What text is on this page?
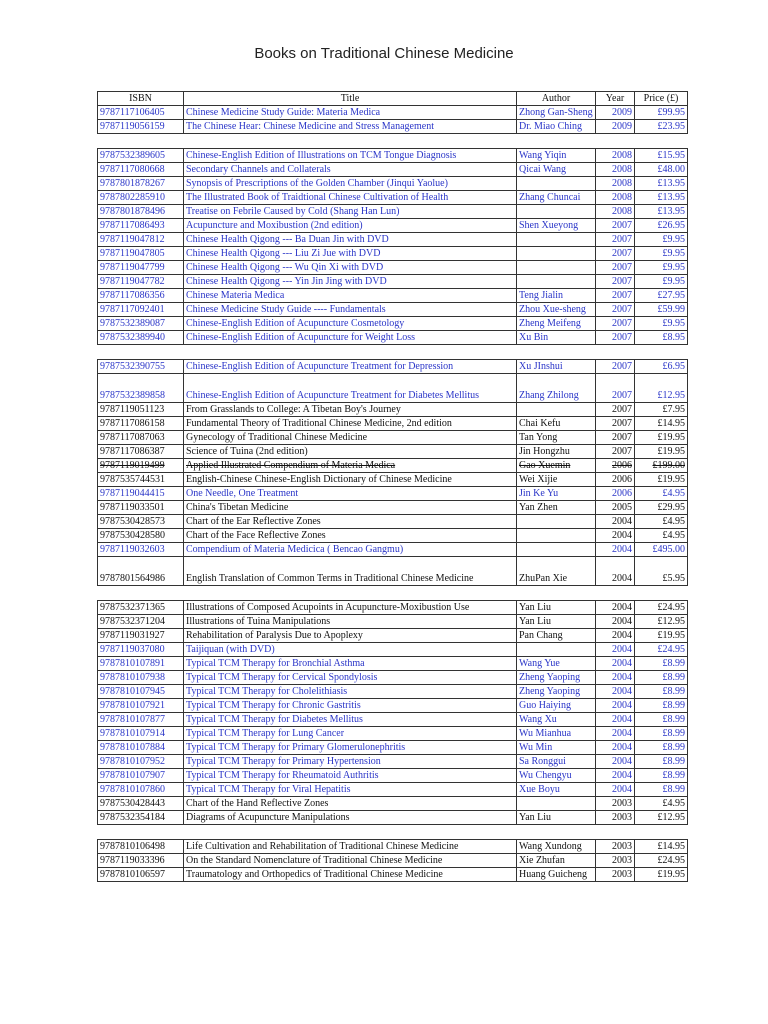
Books on Traditional Chinese Medicine
ISBN	Title	Author	Year	Price (£)
9787117106405	Chinese Medicine Study Guide: Materia Medica	Zhong Gan-Sheng	2009	£99.95
9787119056159	The Chinese Hear: Chinese Medicine and Stress Management	Dr. Miao Ching	2009	£23.95

9787532389605	Chinese-English Edition of Illustrations on TCM Tongue Diagnosis	Wang Yiqin	2008	£15.95
9787117080668	Secondary Channels and Collaterals	Qicai Wang	2008	£48.00
9787801878267	Synopsis of Prescriptions of the Golden Chamber (Jinqui Yaolue)		2008	£13.95
9787802285910	The Illustrated Book of Traidtional Chinese Cultivation of Health	Zhang Chuncai	2008	£13.95
9787801878496	Treatise on Febrile Caused by Cold (Shang Han Lun)		2008	£13.95
9787117086493	Acupuncture and Moxibustion (2nd edition)	Shen Xueyong	2007	£26.95
9787119047812	Chinese Health Qigong --- Ba Duan Jin with DVD		2007	£9.95
9787119047805	Chinese Health Qigong --- Liu Zi Jue with DVD		2007	£9.95
9787119047799	Chinese Health Qigong --- Wu Qin Xi with DVD		2007	£9.95
9787119047782	Chinese Health Qigong --- Yin Jin Jing with DVD		2007	£9.95
9787117086356	Chinese Materia Medica	Teng Jialin	2007	£27.95
9787117092401	Chinese Medicine Study Guide ---- Fundamentals	Zhou Xue-sheng	2007	£59.99
9787532389087	Chinese-English Edition of Acupuncture Cosmetology	Zheng Meifeng	2007	£9.95
9787532389940	Chinese-English Edition of Acupuncture for Weight Loss	Xu Bin	2007	£8.95

9787532390755	Chinese-English Edition of Acupuncture Treatment for Depression	Xu JInshui	2007	£6.95
9787532389858	Chinese-English Edition of Acupuncture Treatment for Diabetes Mellitus	Zhang Zhilong	2007	£12.95
9787119051123	From Grasslands to College: A Tibetan Boy's Journey		2007	£7.95
9787117086158	Fundamental Theory of Traditional Chinese Medicine, 2nd edition	Chai Kefu	2007	£14.95
9787117087063	Gynecology of Traditional Chinese Medicine	Tan Yong	2007	£19.95
9787117086387	Science of Tuina (2nd edition)	Jin Hongzhu	2007	£19.95
9787119019499	Applied Illustrated Compendium of Materia Medica	Gao Xuemin	2006	£199.00
9787535744531	English-Chinese Chinese-English Dictionary of Chinese Medicine	Wei Xijie	2006	£19.95
9787119044415	One Needle, One Treatment	Jin Ke Yu	2006	£4.95
9787119033501	China's Tibetan Medicine	Yan Zhen	2005	£29.95
9787530428573	Chart of the Ear Reflective Zones		2004	£4.95
9787530428580	Chart of the Face Reflective Zones		2004	£4.95
9787119032603	Compendium of Materia Medicica ( Bencao Gangmu)		2004	£495.00
9787801564986	English Translation of Common Terms in Traditional Chinese Medicine	ZhuPan Xie	2004	£5.95

9787532371365	Illustrations of Composed Acupoints in Acupuncture-Moxibustion Use	Yan Liu	2004	£24.95
9787532371204	Illustrations of Tuina Manipulations	Yan Liu	2004	£12.95
9787119031927	Rehabilitation of Paralysis Due to Apoplexy	Pan Chang	2004	£19.95
9787119037080	Taijiquan (with DVD)		2004	£24.95
9787810107891	Typical TCM Therapy for Bronchial Asthma	Wang Yue	2004	£8.99
9787810107938	Typical TCM Therapy for Cervical Spondylosis	Zheng Yaoping	2004	£8.99
9787810107945	Typical TCM Therapy for Cholelithiasis	Zheng Yaoping	2004	£8.99
9787810107921	Typical TCM Therapy for Chronic Gastritis	Guo Haiying	2004	£8.99
9787810107877	Typical TCM Therapy for Diabetes Mellitus	Wang Xu	2004	£8.99
9787810107914	Typical TCM Therapy for Lung Cancer	Wu Mianhua	2004	£8.99
9787810107884	Typical TCM Therapy for Primary Glomerulonephritis	Wu Min	2004	£8.99
9787810107952	Typical TCM Therapy for Primary Hypertension	Sa Ronggui	2004	£8.99
9787810107907	Typical TCM Therapy for Rheumatoid Authritis	Wu Chengyu	2004	£8.99
9787810107860	Typical TCM Therapy for Viral Hepatitis	Xue Boyu	2004	£8.99
9787530428443	Chart of the Hand Reflective Zones		2003	£4.95
9787532354184	Diagrams of Acupuncture Manipulations	Yan Liu	2003	£12.95

9787810106498	Life Cultivation and Rehabilitation of Traditional Chinese Medicine	Wang Xundong	2003	£14.95
9787119033396	On the Standard Nomenclature of Traditional Chinese Medicine	Xie Zhufan	2003	£24.95
9787810106597	Traumatology and Orthopedics of Traditional Chinese Medicine	Huang Guicheng	2003	£19.95
